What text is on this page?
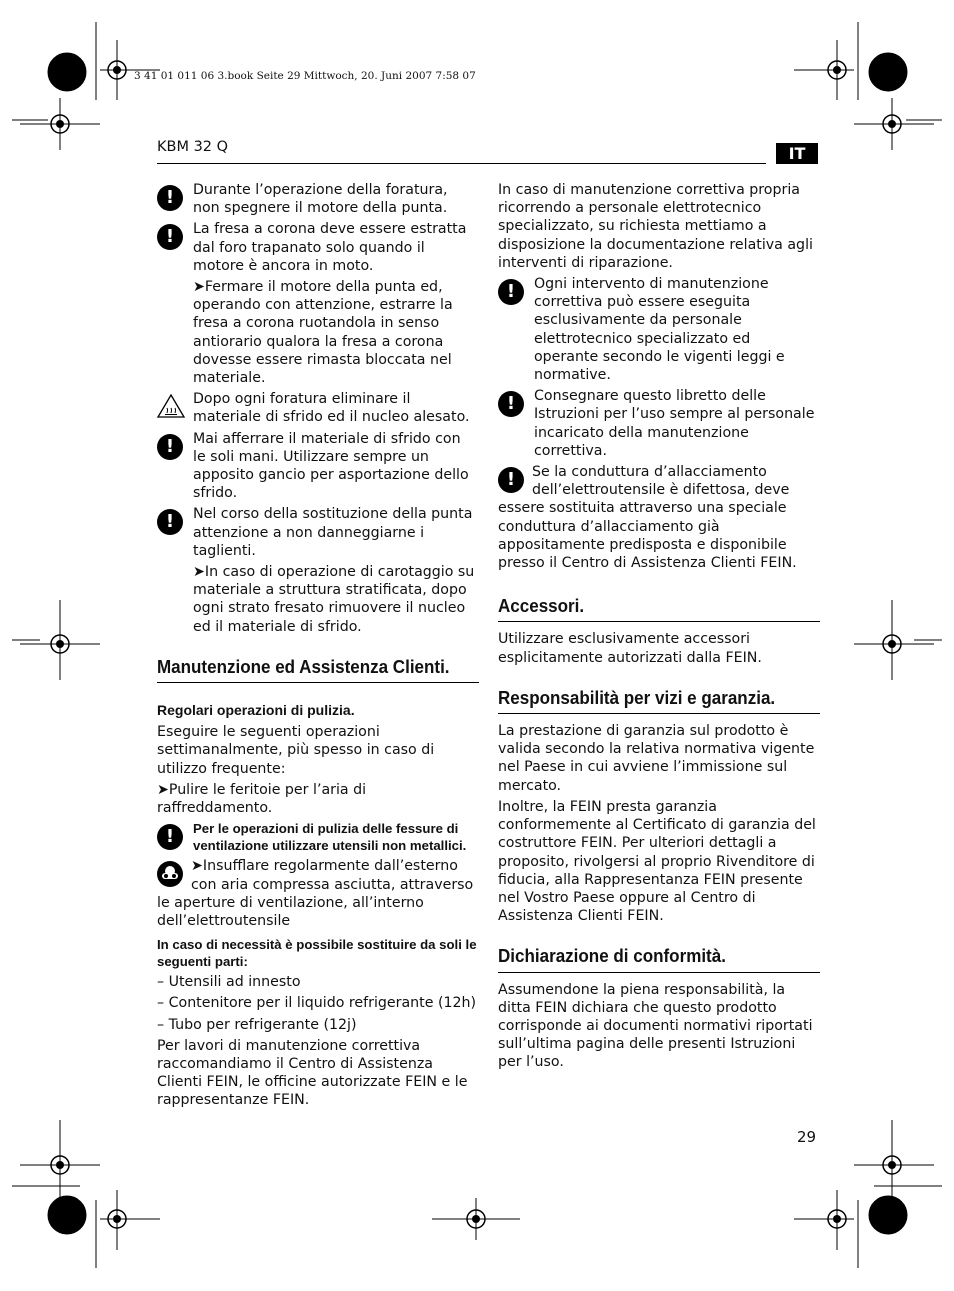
3 41 01 011 06 3.book Seite 29 Mittwoch, 20. Juni 2007 7:58 07
KBM 32 Q	IT
!	Durante l’operazione della foratura, non spegnere il motore della punta.

!	La fresa a corona deve essere estratta dal foro trapanato solo quando il motore è ancora in moto.

➤Fermare il motore della punta ed, operando con attenzione, estrarre la fresa a corona ruotandola in senso antiorario qualora la fresa a corona dovesse essere rimasta bloccata nel materiale.

Dopo ogni foratura eliminare il materiale di sfrido ed il nucleo alesato.

!	Mai afferrare il materiale di sfrido con le soli mani. Utilizzare sempre un apposito gancio per asportazione dello sfrido.

!	Nel corso della sostituzione della punta attenzione a non danneggiarne i taglienti.

➤In caso di operazione di carotaggio su materiale a struttura stratificata, dopo ogni strato fresato rimuovere il nucleo ed il materiale di sfrido.

Manutenzione ed Assistenza Clienti.
Regolari operazioni di pulizia.

Eseguire le seguenti operazioni settimanalmente, più spesso in caso di utilizzo frequente:

➤Pulire le feritoie per l’aria di raffreddamento.

!	Per le operazioni di pulizia delle fessure di ventilazione utilizzare utensili non metallici.

➤Insufflare regolarmente dall’esterno con aria compressa asciutta, attraverso le aperture di ventilazione, all’interno dell’elettroutensile

In caso di necessità è possibile sostituire da soli le seguenti parti:

– Utensili ad innesto

– Contenitore per il liquido refrigerante (12h)

– Tubo per refrigerante (12j)

Per lavori di manutenzione correttiva raccomandiamo il Centro di Assistenza Clienti FEIN, le officine autorizzate FEIN e le rappresentanze FEIN.

In caso di manutenzione correttiva propria ricorrendo a personale elettrotecnico specializzato, su richiesta mettiamo a disposizione la documentazione relativa agli interventi di riparazione.

!	Ogni intervento di manutenzione correttiva può essere eseguita esclusivamente da personale elettrotecnico specializzato ed operante secondo le vigenti leggi e normative.

!	Consegnare questo libretto delle Istruzioni per l’uso sempre al personale incaricato della manutenzione correttiva.

!	Se la conduttura d’allacciamento dell’elettroutensile è difettosa, deve essere sostituita attraverso una speciale conduttura d’allacciamento già appositamente predisposta e disponibile presso il Centro di Assistenza Clienti FEIN.

Accessori.

Utilizzare esclusivamente accessori esplicitamente autorizzati dalla FEIN.

Responsabilità per vizi e garanzia.

La prestazione di garanzia sul prodotto è valida secondo la relativa normativa vigente nel Paese in cui avviene l’immissione sul mercato.

Inoltre, la FEIN presta garanzia conformemente al Certificato di garanzia del costruttore FEIN. Per ulteriori dettagli a proposito, rivolgersi al proprio Rivenditore di fiducia, alla Rappresentanza FEIN presente nel Vostro Paese oppure al Centro di Assistenza Clienti FEIN.

Dichiarazione di conformità.

Assumendone la piena responsabilità, la ditta FEIN dichiara che questo prodotto corrisponde ai documenti normativi riportati sull’ultima pagina delle presenti Istruzioni per l’uso.

29
